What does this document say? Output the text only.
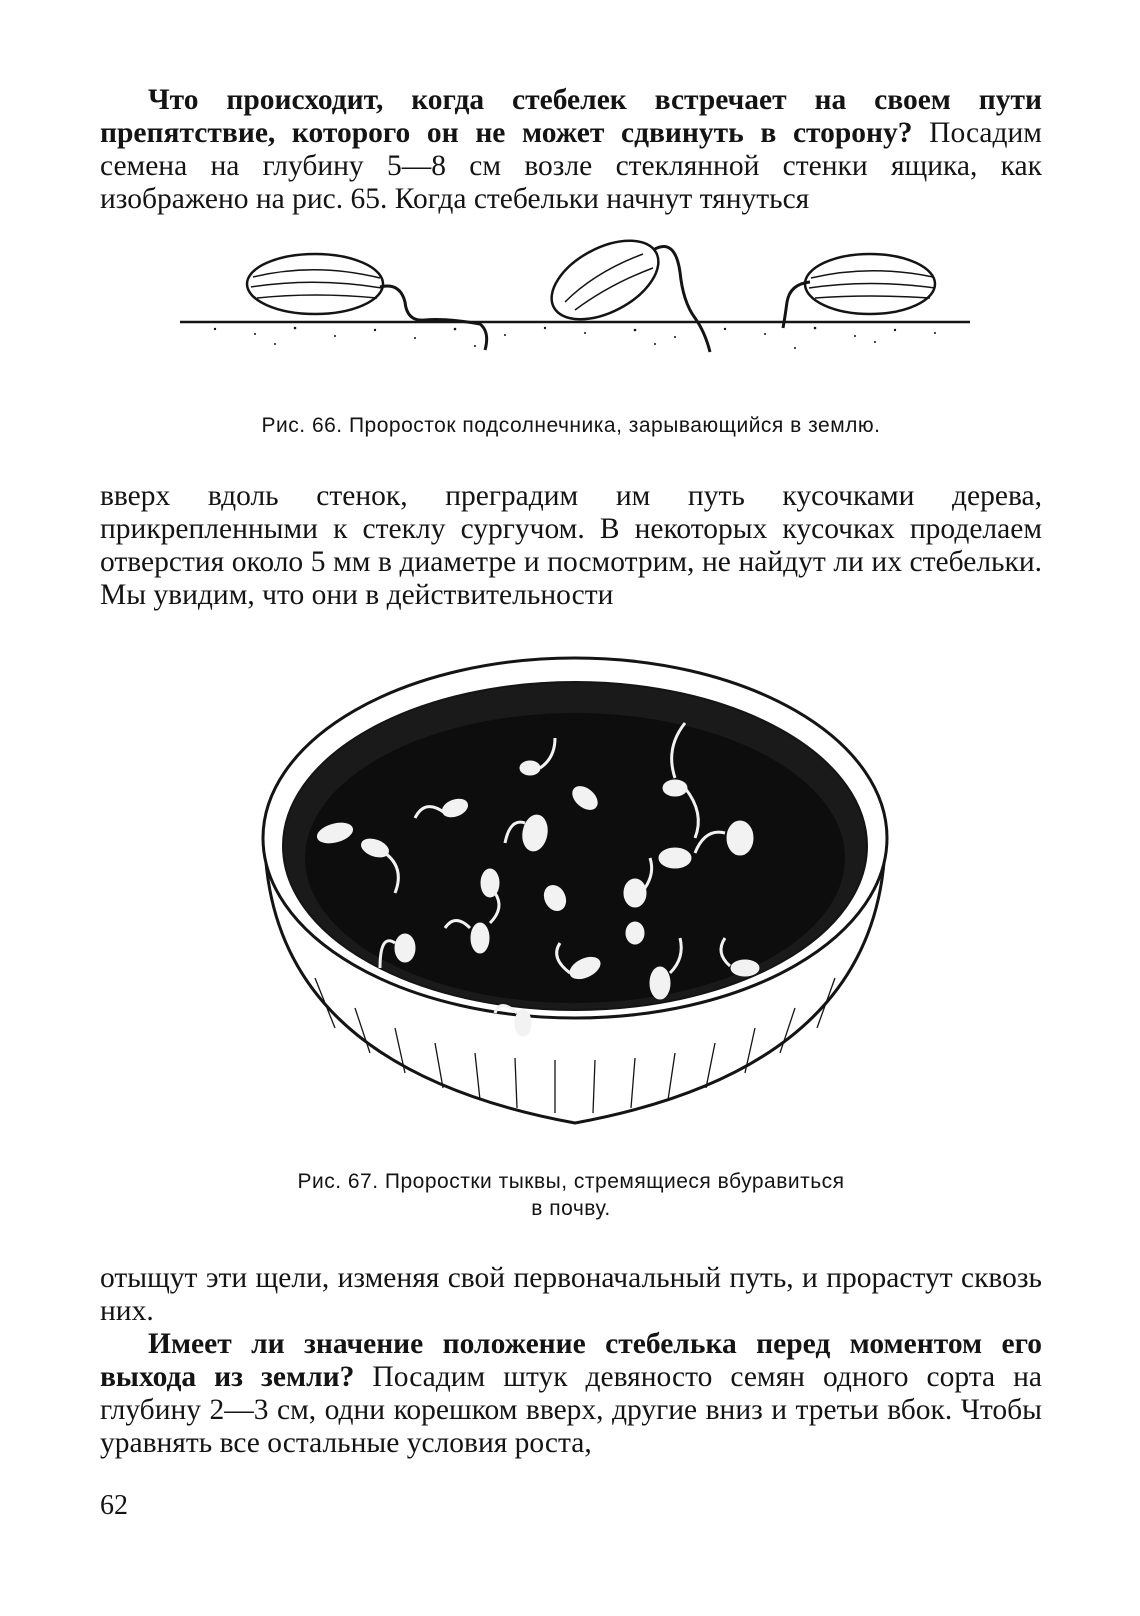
Что происходит, когда стебелек встречает на своем пути препятствие, которого он не может сдвинуть в сторону? Посадим семена на глубину 5—8 см возле стеклянной стенки ящика, как изображено на рис. 65. Когда стебельки начнут тянуться

Рис. 66. Проросток подсолнечника, зарывающийся в землю.

вверх вдоль стенок, преградим им путь кусочками дерева, прикрепленными к стеклу сургучом. В некоторых кусочках проделаем отверстия около 5 мм в диаметре и посмотрим, не найдут ли их стебельки. Мы увидим, что они в действительности

Рис. 67. Проростки тыквы, стремящиеся вбуравиться
в почву.

отыщут эти щели, изменяя свой первоначальный путь, и прорастут сквозь них.

Имеет ли значение положение стебелька перед моментом его выхода из земли? Посадим штук девяносто семян одного сорта на глубину 2—3 см, одни корешком вверх, другие вниз и третьи вбок. Чтобы уравнять все остальные условия роста,

62
